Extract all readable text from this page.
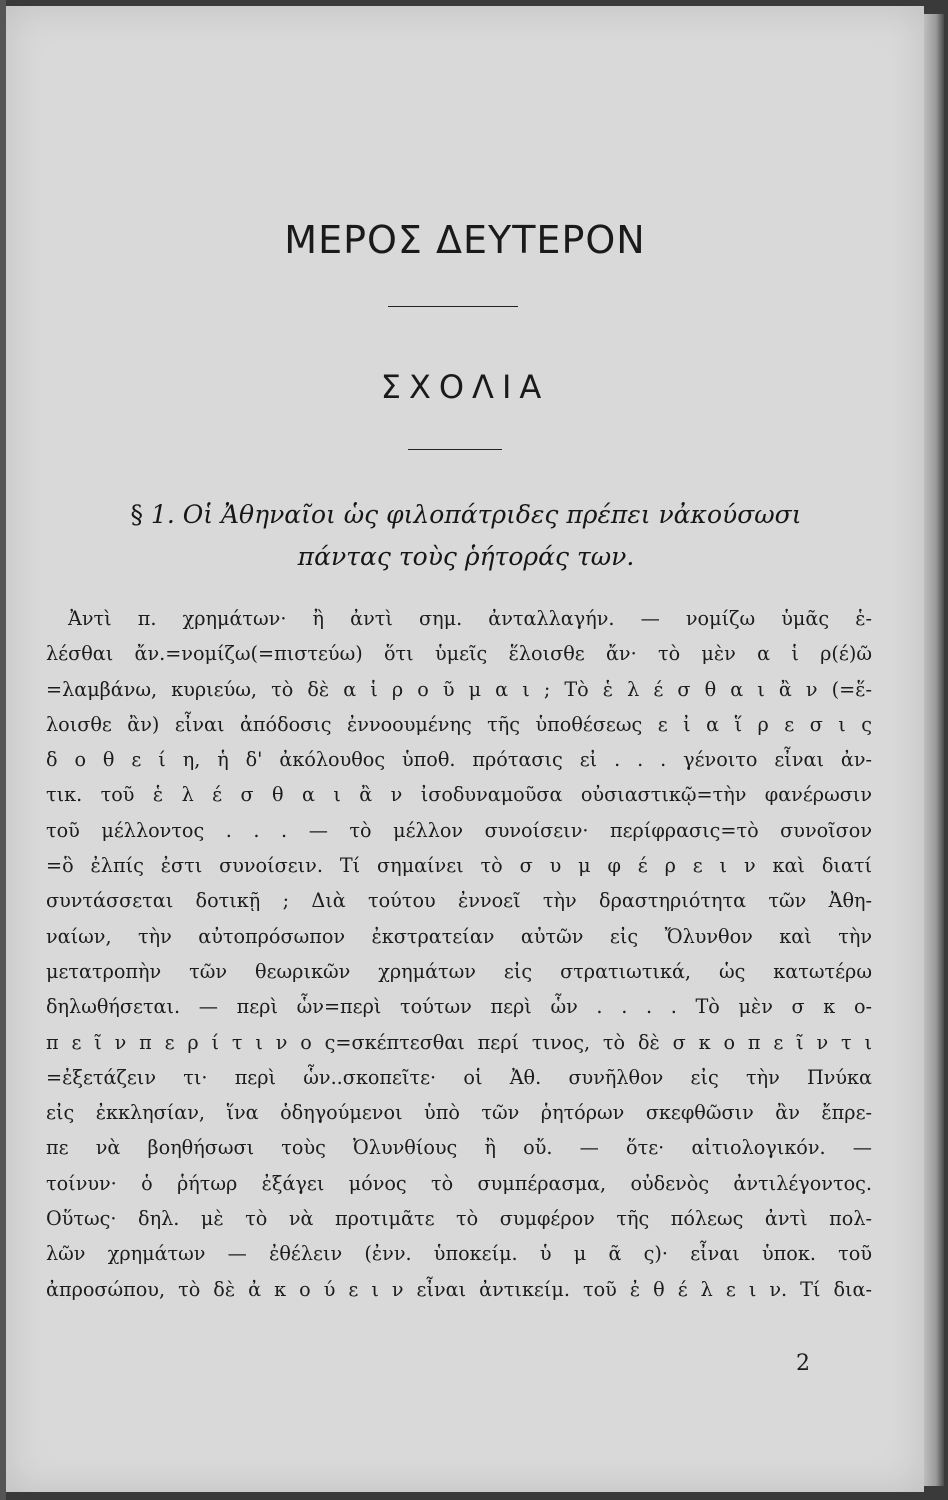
ΜΕΡΟΣ ΔΕΥΤΕΡΟΝ
ΣΧΟΛΙΑ
§ 1. Οἱ Ἀθηναῖοι ὡς φιλοπάτριδες πρέπει νἀκούσωσι
πάντας τοὺς ῥήτοράς των.
Ἀντὶ π. χρημάτων· ἢ ἀντὶ σημ. ἀνταλλαγήν. — νομίζω ὑμᾶς ἑ-
λέσθαι ἄν.=νομίζω(=πιστεύω) ὅτι ὑμεῖς ἕλοισθε ἄν· τὸ μὲν α ἱ ρ(έ)ῶ
=λαμβάνω, κυριεύω, τὸ δὲ α ἱ ρ ο ῦ μ α ι ; Τὸ ἑ λ έ σ θ α ι ἂ ν (=ἕ-
λοισθε ἂν) εἶναι ἀπόδοσις ἐννοουμένης τῆς ὑποθέσεως ε ἰ α ἵ ρ ε σ ι ς
δ ο θ ε ί η, ἡ δ' ἀκόλουθος ὑποθ. πρότασις εἰ . . . γένοιτο εἶναι ἀν-
τικ. τοῦ ἑ λ έ σ θ α ι ἂ ν ἰσοδυναμοῦσα οὐσιαστικῷ=τὴν φανέρωσιν
τοῦ μέλλοντος . . . — τὸ μέλλον συνοίσειν· περίφρασις=τὸ συνοῖσον
=ὃ ἐλπίς ἐστι συνοίσειν. Τί σημαίνει τὸ σ υ μ φ έ ρ ε ι ν καὶ διατί
συντάσσεται δοτικῇ ; Διὰ τούτου ἐννοεῖ τὴν δραστηριότητα τῶν Ἀθη-
ναίων, τὴν αὐτοπρόσωπον ἐκστρατείαν αὐτῶν εἰς Ὄλυνθον καὶ τὴν
μετατροπὴν τῶν θεωρικῶν χρημάτων εἰς στρατιωτικά, ὡς κατωτέρω
δηλωθήσεται. — περὶ ὧν=περὶ τούτων περὶ ὧν . . . . Τὸ μὲν σ κ ο-
π ε ῖ ν π ε ρ ί τ ι ν ο ς=σκέπτεσθαι περί τινος, τὸ δὲ σ κ ο π ε ῖ ν τ ι
=ἐξετάζειν τι· περὶ ὧν..σκοπεῖτε· οἱ Ἀθ. συνῆλθον εἰς τὴν Πνύκα
εἰς ἐκκλησίαν, ἵνα ὁδηγούμενοι ὑπὸ τῶν ῥητόρων σκεφθῶσιν ἂν ἔπρε-
πε νὰ βοηθήσωσι τοὺς Ὀλυνθίους ἢ οὔ. — ὅτε· αἰτιολογικόν. —
τοίνυν· ὁ ῥήτωρ ἐξάγει μόνος τὸ συμπέρασμα, οὐδενὸς ἀντιλέγοντος.
Οὕτως· δηλ. μὲ τὸ νὰ προτιμᾶτε τὸ συμφέρον τῆς πόλεως ἀντὶ πολ-
λῶν χρημάτων — ἐθέλειν (ἐνν. ὑποκείμ. ὑ μ ᾶ ς)· εἶναι ὑποκ. τοῦ
ἀπροσώπου, τὸ δὲ ἀ κ ο ύ ε ι ν εἶναι ἀντικείμ. τοῦ ἐ θ έ λ ε ι ν. Τί δια-
2
